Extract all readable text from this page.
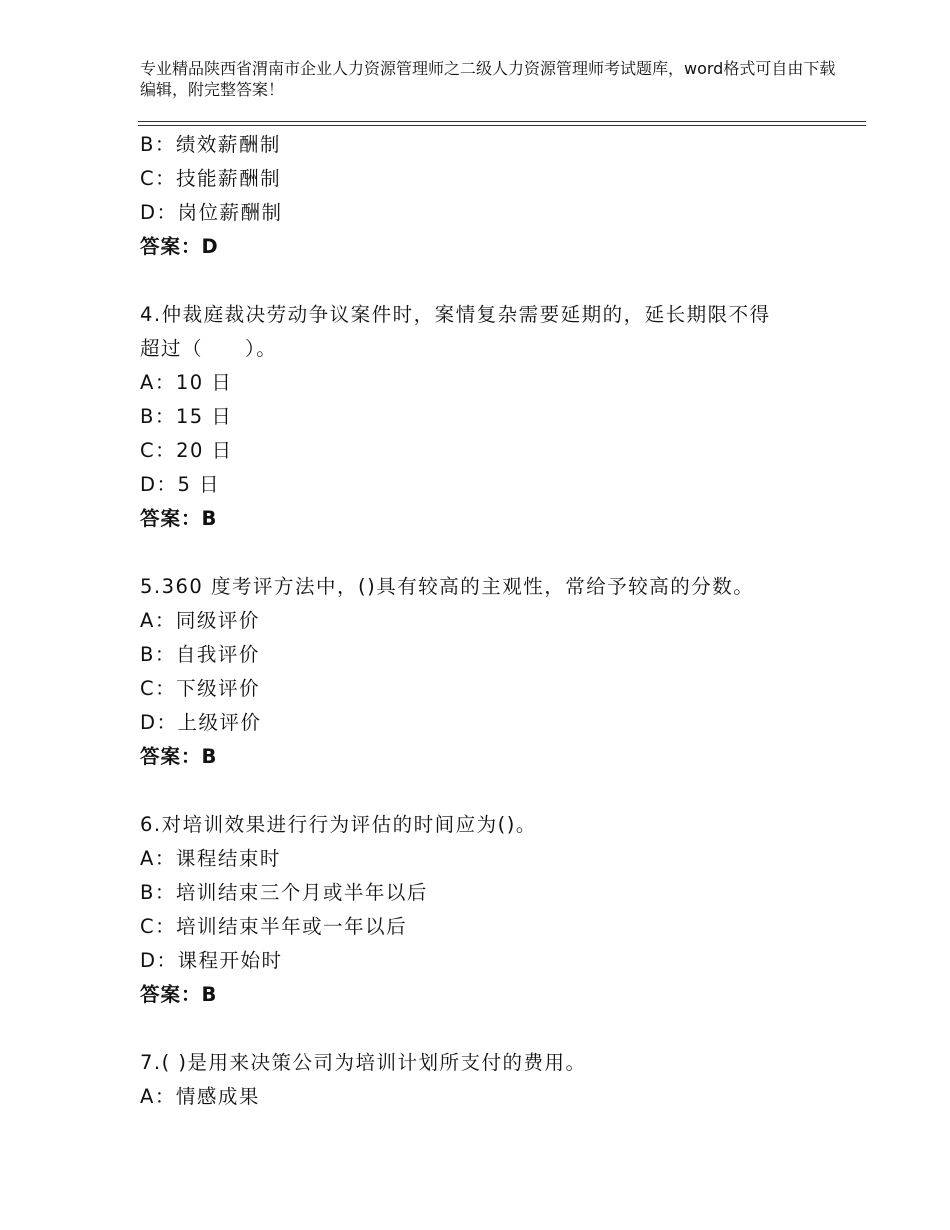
专业精品陕西省渭南市企业人力资源管理师之二级人力资源管理师考试题库，word格式可自由下载编辑，附完整答案！
B：绩效薪酬制
C：技能薪酬制
D：岗位薪酬制
答案：D
4.仲裁庭裁决劳动争议案件时，案情复杂需要延期的，延长期限不得
超过（　　）。
A：10 日
B：15 日
C：20 日
D：5 日
答案：B
5.360 度考评方法中，()具有较高的主观性，常给予较高的分数。
A：同级评价
B：自我评价
C：下级评价
D：上级评价
答案：B
6.对培训效果进行行为评估的时间应为()。
A：课程结束时
B：培训结束三个月或半年以后
C：培训结束半年或一年以后
D：课程开始时
答案：B
7.( )是用来决策公司为培训计划所支付的费用。
A：情感成果
